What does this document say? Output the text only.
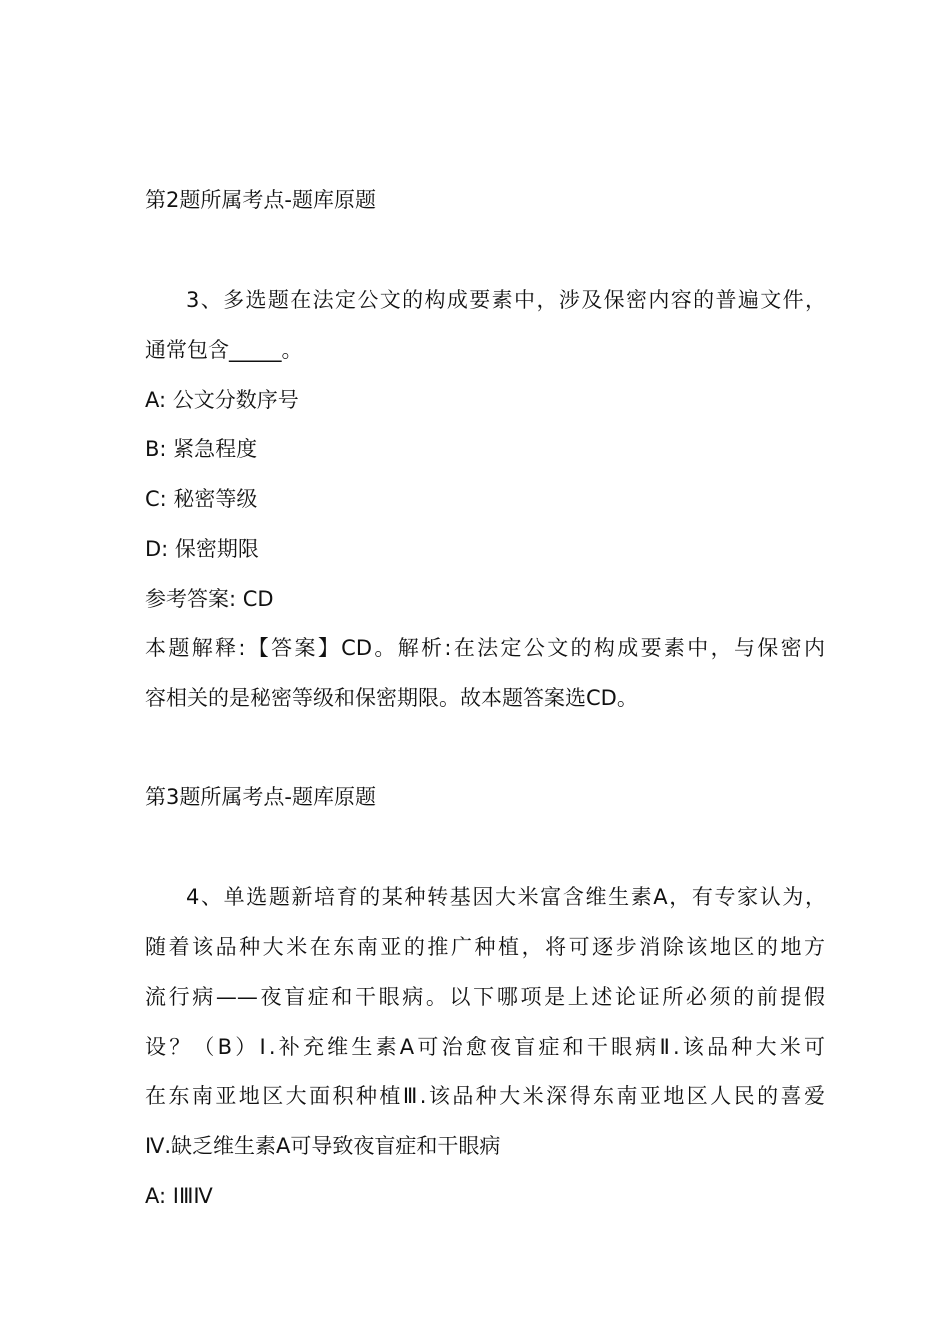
第2题所属考点-题库原题
3、多选题在法定公文的构成要素中，涉及保密内容的普遍文件，
通常包含_____。
A: 公文分数序号
B: 紧急程度
C: 秘密等级
D: 保密期限
参考答案: CD
本题解释:【答案】CD。解析:在法定公文的构成要素中，与保密内
容相关的是秘密等级和保密期限。故本题答案选CD。
第3题所属考点-题库原题
4、单选题新培育的某种转基因大米富含维生素A，有专家认为，
随着该品种大米在东南亚的推广种植，将可逐步消除该地区的地方
流行病——夜盲症和干眼病。以下哪项是上述论证所必须的前提假
设？（B）Ⅰ.补充维生素A可治愈夜盲症和干眼病Ⅱ.该品种大米可
在东南亚地区大面积种植Ⅲ.该品种大米深得东南亚地区人民的喜爱
Ⅳ.缺乏维生素A可导致夜盲症和干眼病
A: ⅠⅢⅣ
